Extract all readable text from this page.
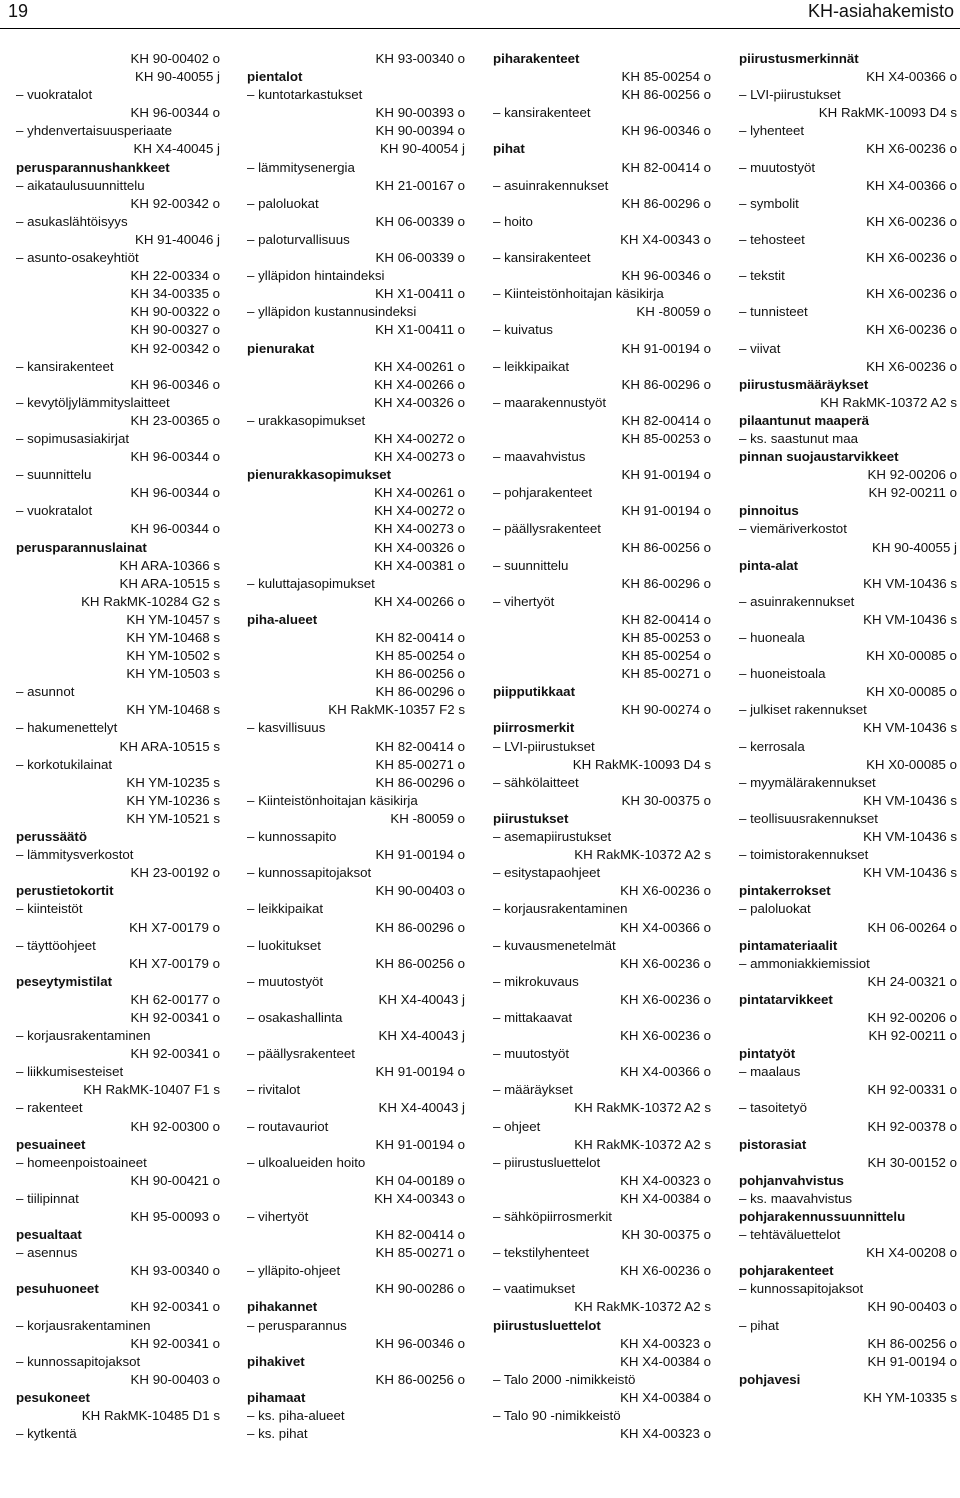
19	KH-asiahakemisto
KH 90-00402 o
KH 90-40055 j
– vuokratalot
KH 96-00344 o
– yhdenvertaisuusperiaate
KH X4-40045 j
perusparannushankkeet
– aikataulusuunnittelu
KH 92-00342 o
– asukaslähtöisyys
KH 91-40046 j
– asunto-osakeyhtiöt
KH 22-00334 o
KH 34-00335 o
KH 90-00322 o
KH 90-00327 o
KH 92-00342 o
– kansirakenteet
KH 96-00346 o
– kevytöljylämmityslaitteet
KH 23-00365 o
– sopimusasiakirjat
KH 96-00344 o
– suunnittelu
KH 96-00344 o
– vuokratalot
KH 96-00344 o
perusparannuslainat
KH ARA-10366 s
KH ARA-10515 s
KH RakMK-10284 G2 s
KH YM-10457 s
KH YM-10468 s
KH YM-10502 s
KH YM-10503 s
– asunnot
KH YM-10468 s
– hakumenettelyt
KH ARA-10515 s
– korkotukilainat
KH YM-10235 s
KH YM-10236 s
KH YM-10521 s
perussäätö
– lämmitysverkostot
KH 23-00192 o
perustietokortit
– kiinteistöt
KH X7-00179 o
– täyttöohjeet
KH X7-00179 o
peseytymistilat
KH 62-00177 o
KH 92-00341 o
– korjausrakentaminen
KH 92-00341 o
– liikkumisesteiset
KH RakMK-10407 F1 s
– rakenteet
KH 92-00300 o
pesuaineet
– homeenpoistoaineet
KH 90-00421 o
– tiilipinnat
KH 95-00093 o
pesualtaat
– asennus
KH 93-00340 o
pesuhuoneet
KH 92-00341 o
– korjausrakentaminen
KH 92-00341 o
– kunnossapitojaksot
KH 90-00403 o
pesukoneet
KH RakMK-10485 D1 s
– kytkentä
KH 93-00340 o
pientalot
– kuntotarkastukset
KH 90-00393 o
KH 90-00394 o
KH 90-40054 j
– lämmitysenergia
KH 21-00167 o
– paloluokat
KH 06-00339 o
– paloturvallisuus
KH 06-00339 o
– ylläpidon hintaindeksi
KH X1-00411 o
– ylläpidon kustannusindeksi
KH X1-00411 o
pienurakat
KH X4-00261 o
KH X4-00266 o
KH X4-00326 o
– urakkasopimukset
KH X4-00272 o
KH X4-00273 o
pienurakkasopimukset
KH X4-00261 o
KH X4-00272 o
KH X4-00273 o
KH X4-00326 o
KH X4-00381 o
– kuluttajasopimukset
KH X4-00266 o
piha-alueet
KH 82-00414 o
KH 85-00254 o
KH 86-00256 o
KH 86-00296 o
KH RakMK-10357 F2 s
– kasvillisuus
KH 82-00414 o
KH 85-00271 o
KH 86-00296 o
– Kiinteistönhoitajan käsikirja
KH -80059 o
– kunnossapito
KH 91-00194 o
– kunnossapitojaksot
KH 90-00403 o
– leikkipaikat
KH 86-00296 o
– luokitukset
KH 86-00256 o
– muutostyöt
KH X4-40043 j
– osakashallinta
KH X4-40043 j
– päällysrakenteet
KH 91-00194 o
– rivitalot
KH X4-40043 j
– routavauriot
KH 91-00194 o
– ulkoalueiden hoito
KH 04-00189 o
KH X4-00343 o
– vihertyöt
KH 82-00414 o
KH 85-00271 o
– ylläpito-ohjeet
KH 90-00286 o
pihakannet
– perusparannus
KH 96-00346 o
pihakivet
KH 86-00256 o
pihamaat
– ks. piha-alueet
– ks. pihat
piharakenteet
KH 85-00254 o
KH 86-00256 o
– kansirakenteet
KH 96-00346 o
pihat
KH 82-00414 o
– asuinrakennukset
KH 86-00296 o
– hoito
KH X4-00343 o
– kansirakenteet
KH 96-00346 o
– Kiinteistönhoitajan käsikirja
KH -80059 o
– kuivatus
KH 91-00194 o
– leikkipaikat
KH 86-00296 o
– maarakennustyöt
KH 82-00414 o
KH 85-00253 o
– maavahvistus
KH 91-00194 o
– pohjarakenteet
KH 91-00194 o
– päällysrakenteet
KH 86-00256 o
– suunnittelu
KH 86-00296 o
– vihertyöt
KH 82-00414 o
KH 85-00253 o
KH 85-00254 o
KH 85-00271 o
piipputikkaat
KH 90-00274 o
piirrosmerkit
– LVI-piirustukset
KH RakMK-10093 D4 s
– sähkölaitteet
KH 30-00375 o
piirustukset
– asemapiirustukset
KH RakMK-10372 A2 s
– esitystapaohjeet
KH X6-00236 o
– korjausrakentaminen
KH X4-00366 o
– kuvausmenetelmät
KH X6-00236 o
– mikrokuvaus
KH X6-00236 o
– mittakaavat
KH X6-00236 o
– muutostyöt
KH X4-00366 o
– määräykset
KH RakMK-10372 A2 s
– ohjeet
KH RakMK-10372 A2 s
– piirustusluettelot
KH X4-00323 o
KH X4-00384 o
– sähköpiirrosmerkit
KH 30-00375 o
– tekstilyhenteet
KH X6-00236 o
– vaatimukset
KH RakMK-10372 A2 s
piirustusluettelot
KH X4-00323 o
KH X4-00384 o
– Talo 2000 -nimikkeistö
KH X4-00384 o
– Talo 90 -nimikkeistö
KH X4-00323 o
piirustusmerkinnät
KH X4-00366 o
– LVI-piirustukset
KH RakMK-10093 D4 s
– lyhenteet
KH X6-00236 o
– muutostyöt
KH X4-00366 o
– symbolit
KH X6-00236 o
– tehosteet
KH X6-00236 o
– tekstit
KH X6-00236 o
– tunnisteet
KH X6-00236 o
– viivat
KH X6-00236 o
piirustusmääräykset
KH RakMK-10372 A2 s
pilaantunut maaperä
– ks. saastunut maa
pinnan suojaustarvikkeet
KH 92-00206 o
KH 92-00211 o
pinnoitus
– viemäriverkostot
KH 90-40055 j
pinta-alat
KH VM-10436 s
– asuinrakennukset
KH VM-10436 s
– huoneala
KH X0-00085 o
– huoneistoala
KH X0-00085 o
– julkiset rakennukset
KH VM-10436 s
– kerrosala
KH X0-00085 o
– myymälärakennukset
KH VM-10436 s
– teollisuusrakennukset
KH VM-10436 s
– toimistorakennukset
KH VM-10436 s
pintakerrokset
– paloluokat
KH 06-00264 o
pintamateriaalit
– ammoniakkiemissiot
KH 24-00321 o
pintatarvikkeet
KH 92-00206 o
KH 92-00211 o
pintatyöt
– maalaus
KH 92-00331 o
– tasoitetyö
KH 92-00378 o
pistorasiat
KH 30-00152 o
pohjanvahvistus
– ks. maavahvistus
pohjarakennussuunnittelu
– tehtäväluettelot
KH X4-00208 o
pohjarakenteet
– kunnossapitojaksot
KH 90-00403 o
– pihat
KH 86-00256 o
KH 91-00194 o
pohjavesi
KH YM-10335 s
